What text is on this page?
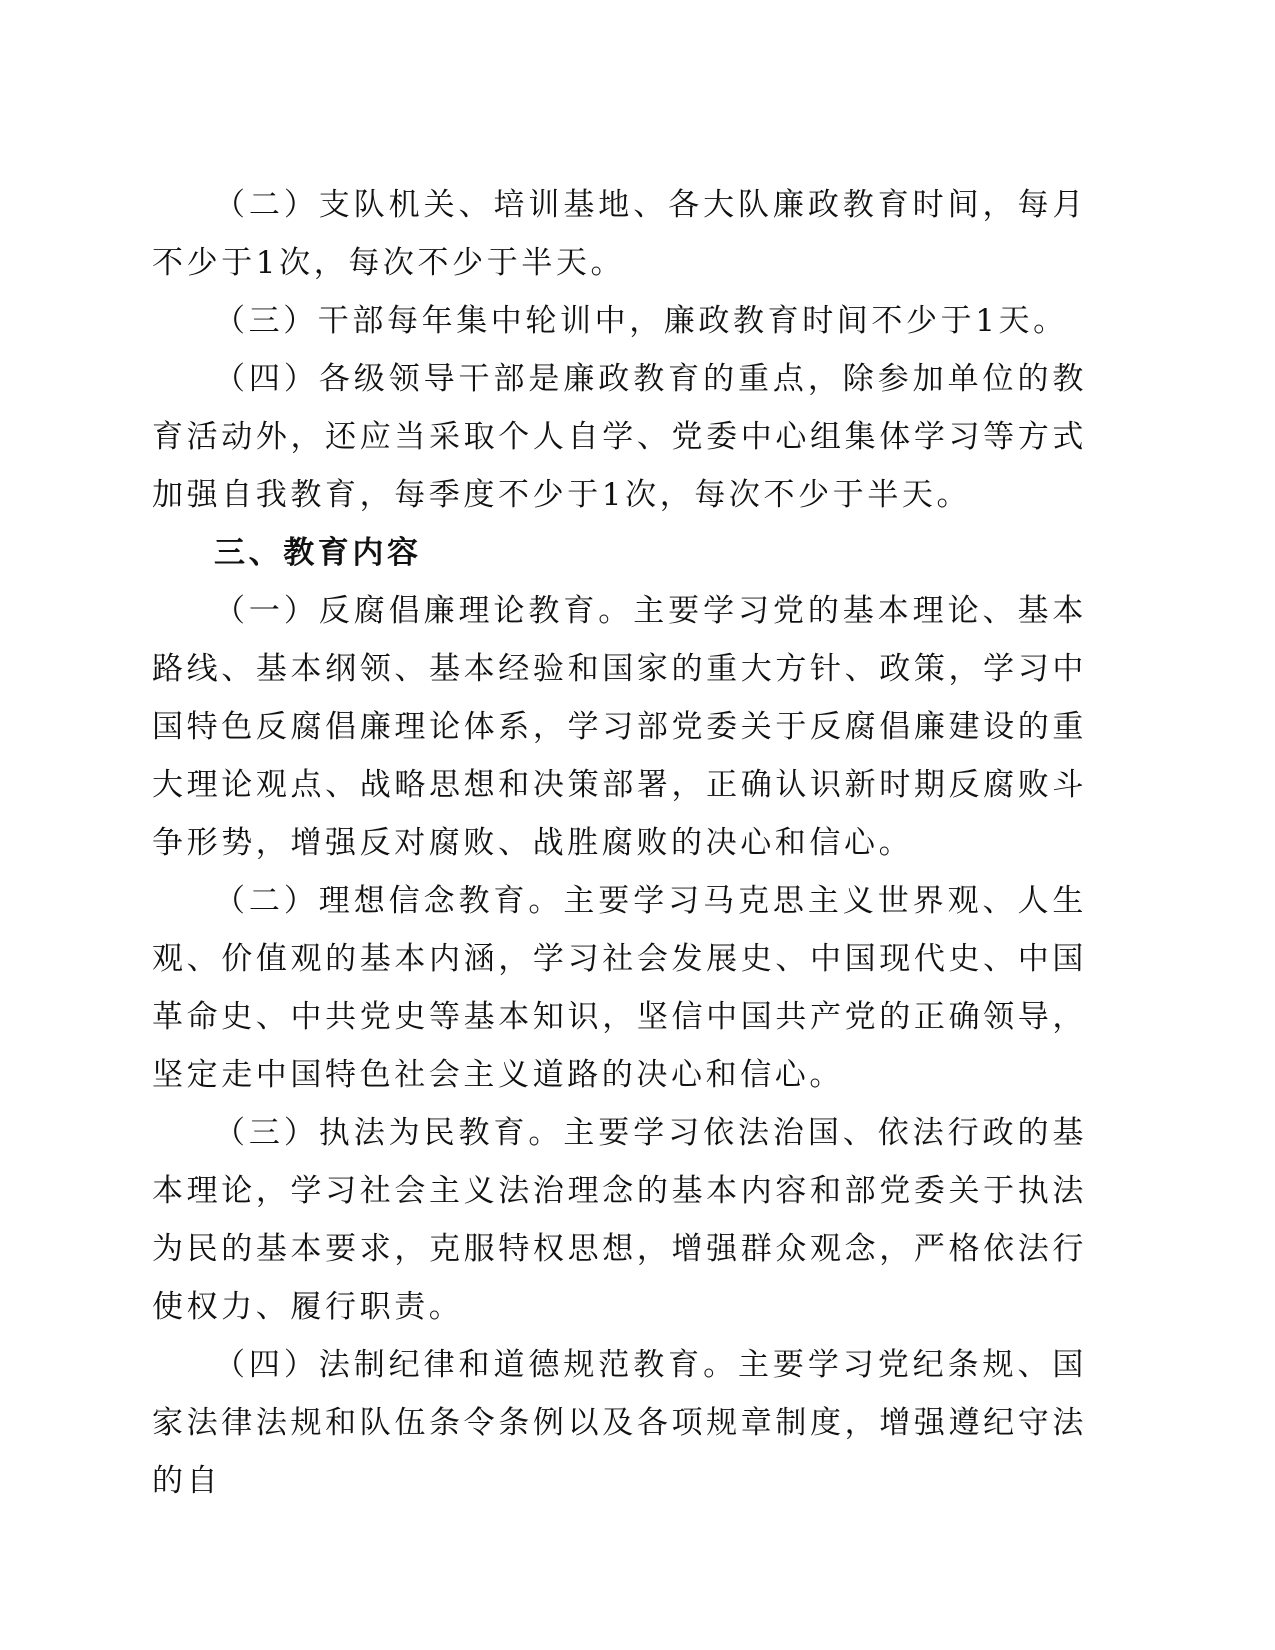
（二）支队机关、培训基地、各大队廉政教育时间，每月不少于1次，每次不少于半天。

（三）干部每年集中轮训中，廉政教育时间不少于1天。

（四）各级领导干部是廉政教育的重点，除参加单位的教育活动外，还应当采取个人自学、党委中心组集体学习等方式加强自我教育，每季度不少于1次，每次不少于半天。

三、教育内容

（一）反腐倡廉理论教育。主要学习党的基本理论、基本路线、基本纲领、基本经验和国家的重大方针、政策，学习中国特色反腐倡廉理论体系，学习部党委关于反腐倡廉建设的重大理论观点、战略思想和决策部署，正确认识新时期反腐败斗争形势，增强反对腐败、战胜腐败的决心和信心。

（二）理想信念教育。主要学习马克思主义世界观、人生观、价值观的基本内涵，学习社会发展史、中国现代史、中国革命史、中共党史等基本知识，坚信中国共产党的正确领导，坚定走中国特色社会主义道路的决心和信心。

（三）执法为民教育。主要学习依法治国、依法行政的基本理论，学习社会主义法治理念的基本内容和部党委关于执法为民的基本要求，克服特权思想，增强群众观念，严格依法行使权力、履行职责。

（四）法制纪律和道德规范教育。主要学习党纪条规、国家法律法规和队伍条令条例以及各项规章制度，增强遵纪守法的自
